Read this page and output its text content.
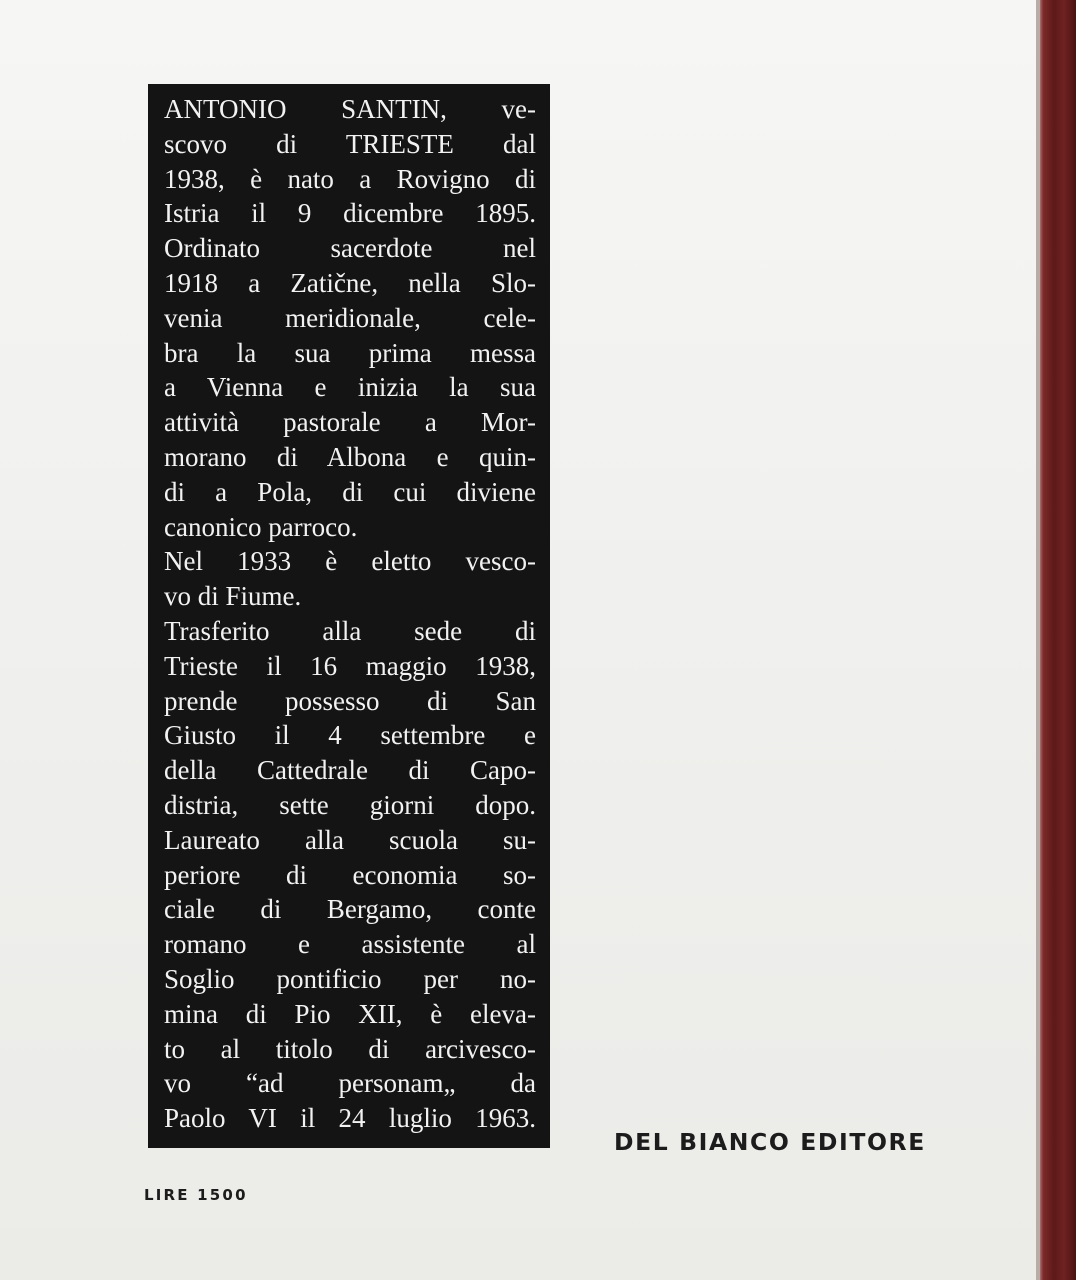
ANTONIO SANTIN, ve-
scovo di TRIESTE dal
1938, è nato a Rovigno di
Istria il 9 dicembre 1895.
Ordinato sacerdote nel
1918 a Zatične, nella Slo-
venia meridionale, cele-
bra la sua prima messa
a Vienna e inizia la sua
attività pastorale a Mor-
morano di Albona e quin-
di a Pola, di cui diviene
canonico parroco.
Nel 1933 è eletto vesco-
vo di Fiume.
Trasferito alla sede di
Trieste il 16 maggio 1938,
prende possesso di San
Giusto il 4 settembre e
della Cattedrale di Capo-
distria, sette giorni dopo.
Laureato alla scuola su-
periore di economia so-
ciale di Bergamo, conte
romano e assistente al
Soglio pontificio per no-
mina di Pio XII, è eleva-
to al titolo di arcivesco-
vo “ad personam„ da
Paolo VI il 24 luglio 1963.
DEL BIANCO EDITORE
LIRE 1500
